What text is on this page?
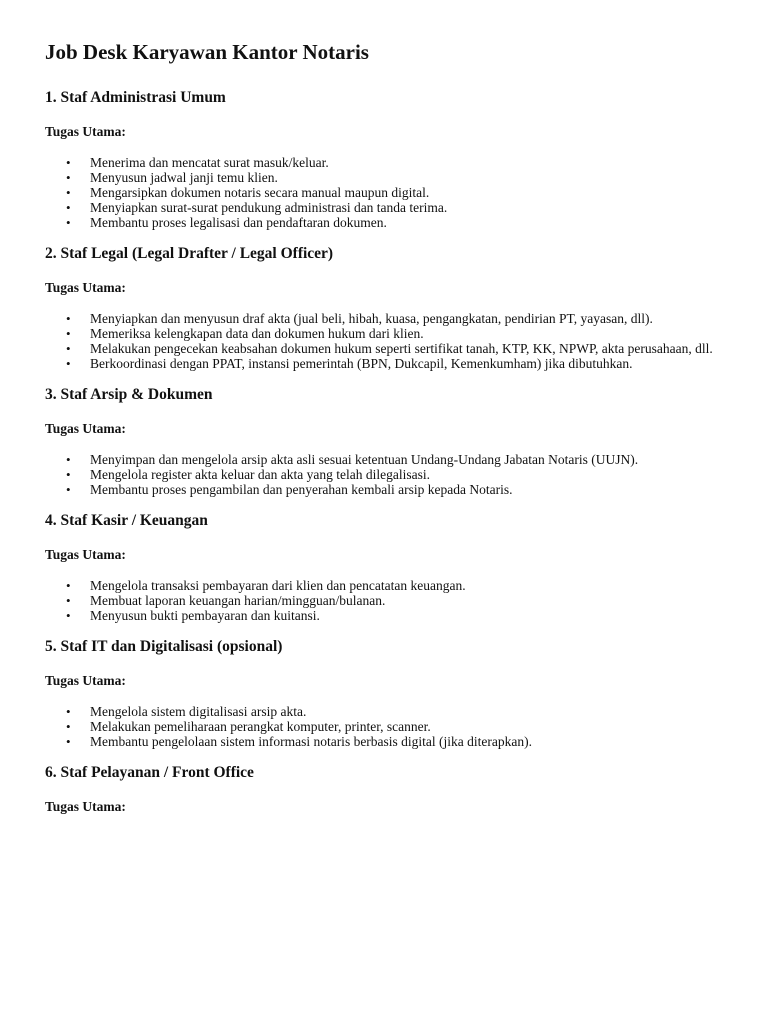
Job Desk Karyawan Kantor Notaris
1. Staf Administrasi Umum
Tugas Utama:
• Menerima dan mencatat surat masuk/keluar.
• Menyusun jadwal janji temu klien.
• Mengarsipkan dokumen notaris secara manual maupun digital.
• Menyiapkan surat-surat pendukung administrasi dan tanda terima.
• Membantu proses legalisasi dan pendaftaran dokumen.
2. Staf Legal (Legal Drafter / Legal Officer)
Tugas Utama:
• Menyiapkan dan menyusun draf akta (jual beli, hibah, kuasa, pengangkatan, pendirian PT, yayasan, dll).
• Memeriksa kelengkapan data dan dokumen hukum dari klien.
• Melakukan pengecekan keabsahan dokumen hukum seperti sertifikat tanah, KTP, KK, NPWP, akta perusahaan, dll.
• Berkoordinasi dengan PPAT, instansi pemerintah (BPN, Dukcapil, Kemenkumham) jika dibutuhkan.
3. Staf Arsip & Dokumen
Tugas Utama:
• Menyimpan dan mengelola arsip akta asli sesuai ketentuan Undang-Undang Jabatan Notaris (UUJN).
• Mengelola register akta keluar dan akta yang telah dilegalisasi.
• Membantu proses pengambilan dan penyerahan kembali arsip kepada Notaris.
4. Staf Kasir / Keuangan
Tugas Utama:
• Mengelola transaksi pembayaran dari klien dan pencatatan keuangan.
• Membuat laporan keuangan harian/mingguan/bulanan.
• Menyusun bukti pembayaran dan kuitansi.
5. Staf IT dan Digitalisasi (opsional)
Tugas Utama:
• Mengelola sistem digitalisasi arsip akta.
• Melakukan pemeliharaan perangkat komputer, printer, scanner.
• Membantu pengelolaan sistem informasi notaris berbasis digital (jika diterapkan).
6. Staf Pelayanan / Front Office
Tugas Utama:
